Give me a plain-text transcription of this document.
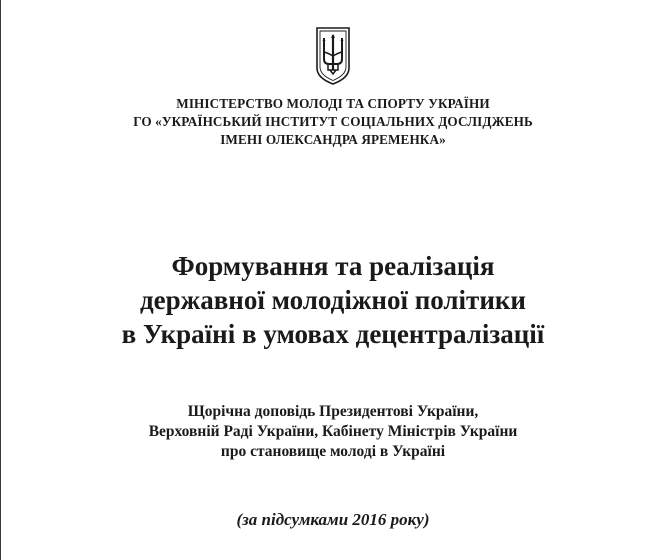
МІНІСТЕРСТВО МОЛОДІ ТА СПОРТУ УКРАЇНИ
ГО «УКРАЇНСЬКИЙ ІНСТИТУТ СОЦІАЛЬНИХ ДОСЛІДЖЕНЬ
ІМЕНІ ОЛЕКСАНДРА ЯРЕМЕНКА»
Формування та реалізація
державної молодіжної політики
в Україні в умовах децентралізації
Щорічна доповідь Президентові України,
Верховній Раді України, Кабінету Міністрів України
про становище молоді в Україні
(за підсумками 2016 року)
